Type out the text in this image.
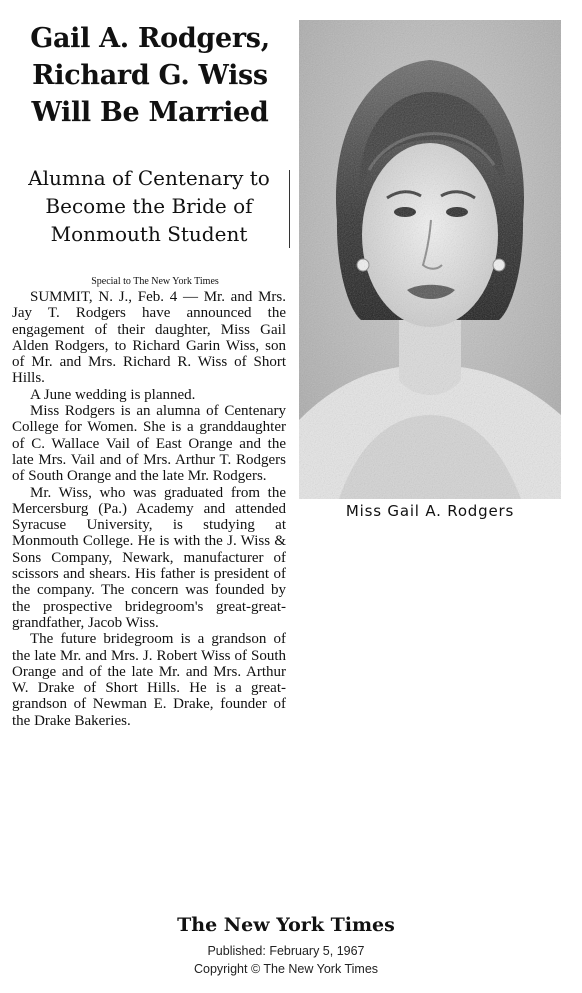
Gail A. Rodgers,
Richard G. Wiss
Will Be Married
Alumna of Centenary to
Become the Bride of
Monmouth Student
Special to The New York Times

SUMMIT, N. J., Feb. 4 — Mr. and Mrs. Jay T. Rodgers have announced the engagement of their daughter, Miss Gail Alden Rodgers, to Richard Garin Wiss, son of Mr. and Mrs. Richard R. Wiss of Short Hills.

A June wedding is planned.

Miss Rodgers is an alumna of Centenary College for Women. She is a granddaughter of C. Wallace Vail of East Orange and the late Mrs. Vail and of Mrs. Arthur T. Rodgers of South Orange and the late Mr. Rodgers.

Mr. Wiss, who was graduated from the Mercersburg (Pa.) Academy and attended Syracuse University, is studying at Monmouth College. He is with the J. Wiss & Sons Company, Newark, manufacturer of scissors and shears. His father is president of the company. The concern was founded by the prospective bridegroom's great-great-grandfather, Jacob Wiss.

The future bridegroom is a grandson of the late Mr. and Mrs. J. Robert Wiss of South Orange and of the late Mr. and Mrs. Arthur W. Drake of Short Hills. He is a great-grandson of Newman E. Drake, founder of the Drake Bakeries.

Miss Gail A. Rodgers
The New York Times
Published: February 5, 1967
Copyright © The New York Times
